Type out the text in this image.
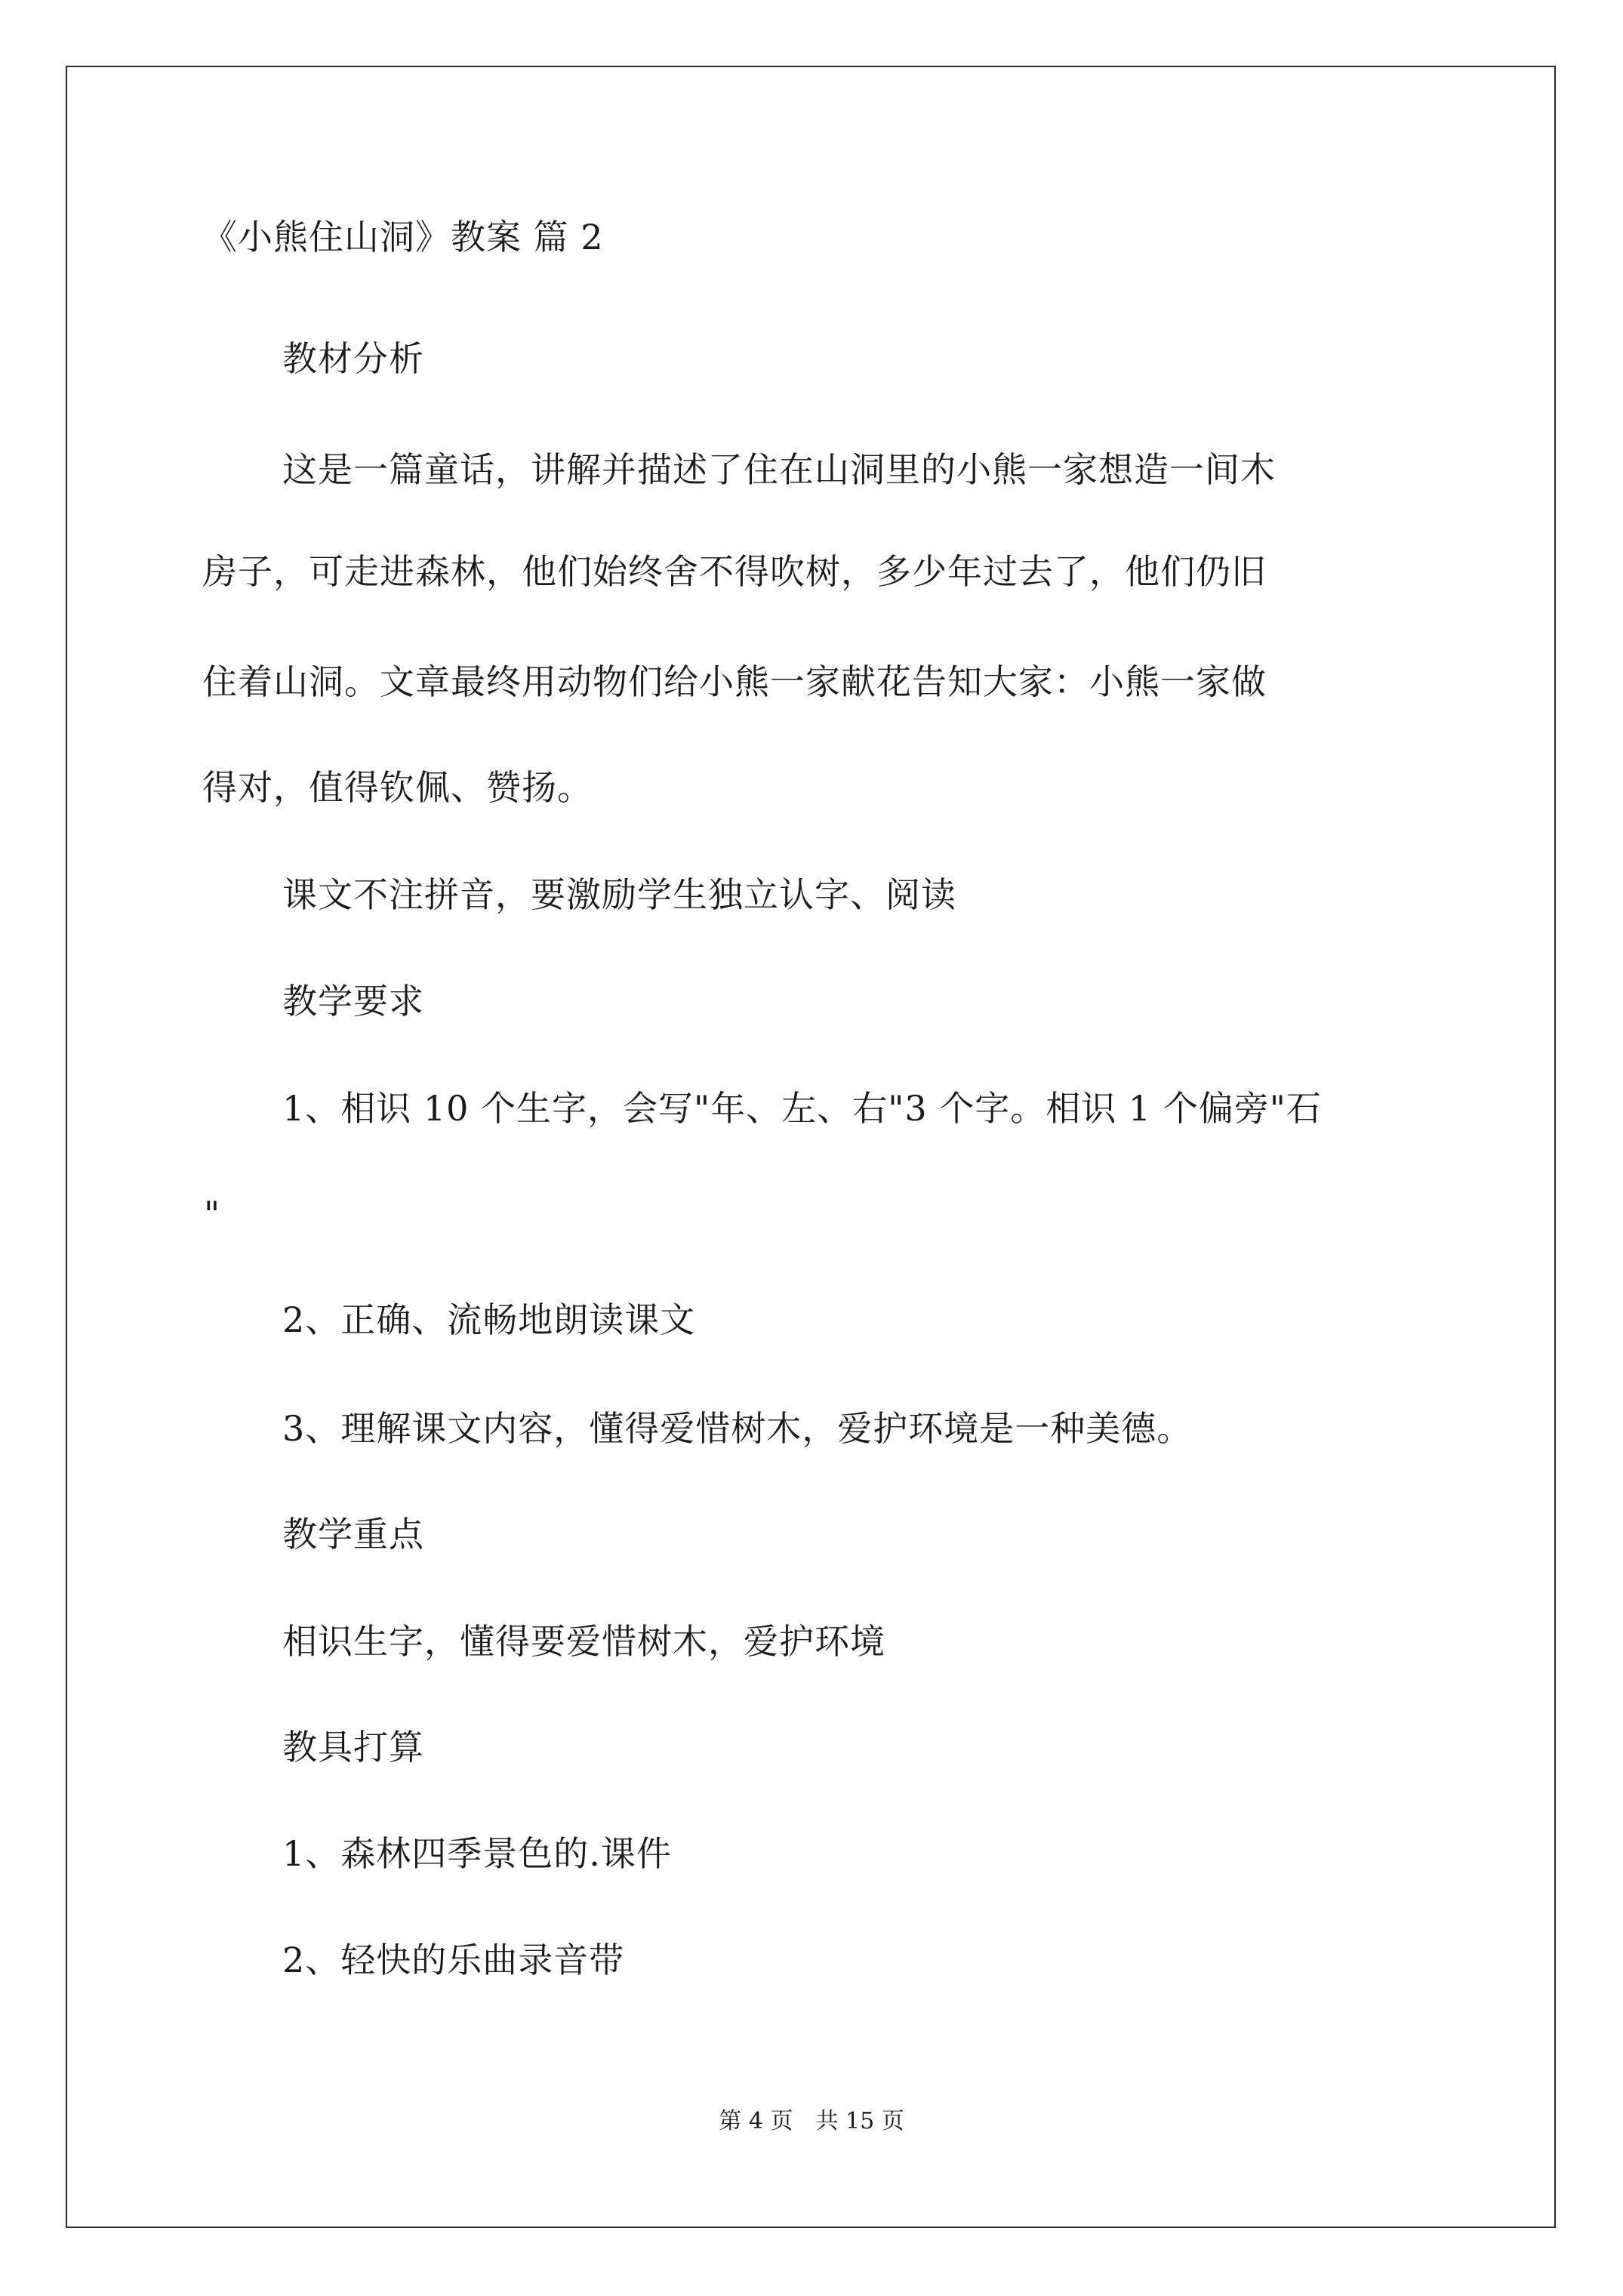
《小熊住山洞》教案 篇 2
教材分析
这是一篇童话，讲解并描述了住在山洞里的小熊一家想造一间木
房子，可走进森林，他们始终舍不得吹树，多少年过去了，他们仍旧
住着山洞。文章最终用动物们给小熊一家献花告知大家：小熊一家做
得对，值得钦佩、赞扬。
课文不注拼音，要激励学生独立认字、阅读
教学要求
1、相识 10 个生字，会写"年、左、右"3 个字。相识 1 个偏旁"石
"
2、正确、流畅地朗读课文
3、理解课文内容，懂得爱惜树木，爱护环境是一种美德。
教学重点
相识生字，懂得要爱惜树木，爱护环境
教具打算
1、森林四季景色的.课件
2、轻快的乐曲录音带
第 4 页 共 15 页
